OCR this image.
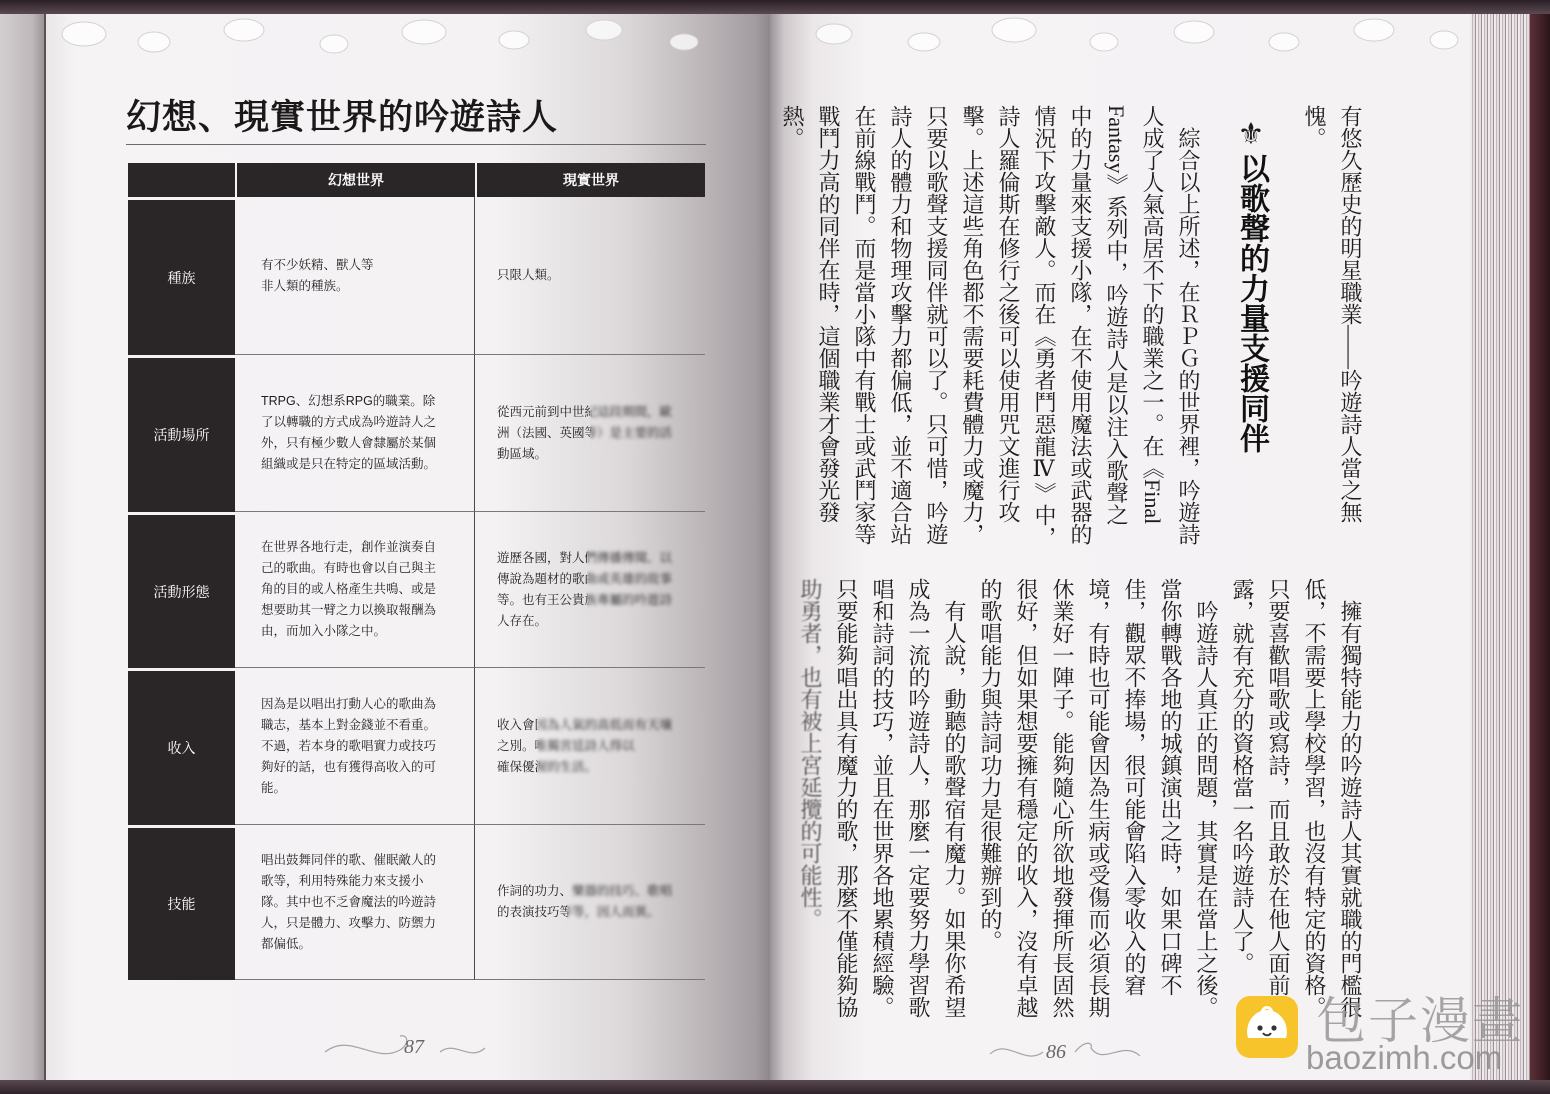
幻想、現實世界的吟遊詩人
幻想世界	現實世界
種族
有不少妖精、獸人等
非人類的種族。
只限人類。
活動場所
TRPG、幻想系RPG的職業。除
了以轉職的方式成為吟遊詩人之
外，只有極少數人會隸屬於某個
組織或是只在特定的區域活動。
從西元前到中世紀這段期間，歐
洲（法國、英國等）是主要的活
動區域。
活動形態
在世界各地行走，創作並演奏自
己的歌曲。有時也會以自己與主
角的目的或人格產生共鳴、或是
想要助其一臂之力以換取報酬為
由，而加入小隊之中。
遊歷各國，對人們傳播傳聞、以
傳說為題材的歌曲或英雄的故事
等。也有王公貴族專屬的吟遊詩
人存在。
收入
因為是以唱出打動人心的歌曲為
職志，基本上對金錢並不看重。
不過，若本身的歌唱實力或技巧
夠好的話，也有獲得高收入的可
能。
收入會因為人氣的高低而有天壤
之別。唯獨宮廷詩人得以
確保優渥的生活。
技能
唱出鼓舞同伴的歌、催眠敵人的
歌等，利用特殊能力來支援小
隊。其中也不乏會魔法的吟遊詩
人，只是體力、攻擊力、防禦力
都偏低。
作詞的功力、樂器的技巧、歌唱
的表演技巧等等，因人而異。
87
有悠久歷史的明星職業——吟遊詩人當之無
愧。
⚜
以歌聲的力量支援同伴
綜合以上所述，在ＲＰＧ的世界裡，吟遊詩
人成了人氣高居不下的職業之一。在《Final
Fantasy》系列中，吟遊詩人是以注入歌聲之
中的力量來支援小隊，在不使用魔法或武器的
情況下攻擊敵人。而在《勇者鬥惡龍Ⅳ》中，
詩人羅倫斯在修行之後可以使用咒文進行攻
擊。上述這些角色都不需要耗費體力或魔力，
只要以歌聲支援同伴就可以了。只可惜，吟遊
詩人的體力和物理攻擊力都偏低，並不適合站
在前線戰鬥。而是當小隊中有戰士或武鬥家等
戰鬥力高的同伴在時，這個職業才會發光發
熱。
擁有獨特能力的吟遊詩人其實就職的門檻很
低，不需要上學校學習，也沒有特定的資格。
只要喜歡唱歌或寫詩，而且敢於在他人面前
露，就有充分的資格當一名吟遊詩人了。
吟遊詩人真正的問題，其實是在當上之後。
當你轉戰各地的城鎮演出之時，如果口碑不
佳，觀眾不捧場，很可能會陷入零收入的窘
境，有時也可能會因為生病或受傷而必須長期
休業好一陣子。能夠隨心所欲地發揮所長固然
很好，但如果想要擁有穩定的收入，沒有卓越
的歌唱能力與詩詞功力是很難辦到的。
有人說，動聽的歌聲宿有魔力。如果你希望
成為一流的吟遊詩人，那麼一定要努力學習歌
唱和詩詞的技巧，並且在世界各地累積經驗。
只要能夠唱出具有魔力的歌，那麼不僅能夠協
助勇者，也有被上宮延攬的可能性。
86
包子漫畫
baozimh.com
